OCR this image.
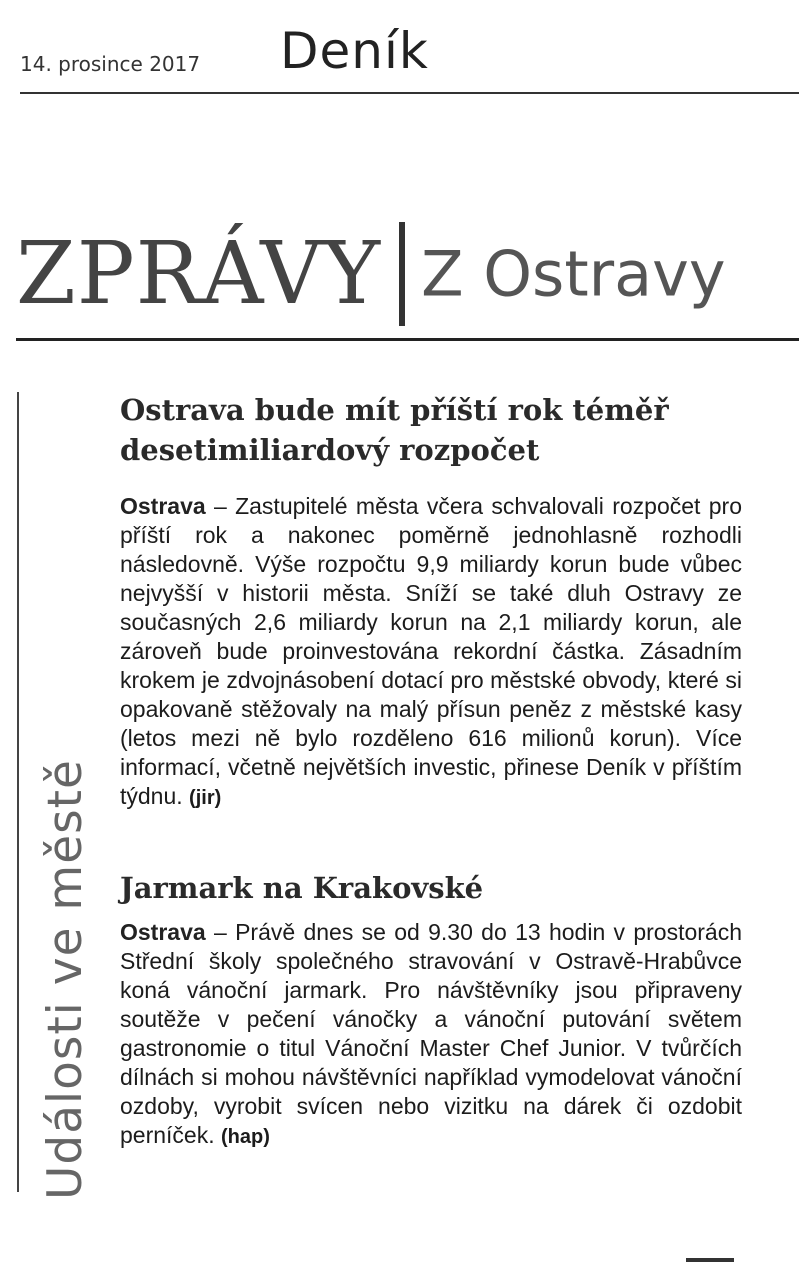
14. prosince 2017 Deník
ZPRÁVY Z Ostravy
Události ve městě
Ostrava bude mít příští rok téměř desetimiliardový rozpočet

Ostrava – Zastupitelé města včera schvalovali rozpočet pro příští rok a nakonec poměrně jednohlasně rozhodli následovně. Výše rozpočtu 9,9 miliardy korun bude vůbec nejvyšší v historii města. Sníží se také dluh Ostravy ze současných 2,6 miliardy korun na 2,1 miliardy korun, ale zároveň bude proinvestována rekordní částka. Zásadním krokem je zdvojnásobení dotací pro městské obvody, které si opakovaně stěžovaly na malý přísun peněz z městské kasy (letos mezi ně bylo rozděleno 616 milionů korun). Více informací, včetně největších investic, přinese Deník v příštím týdnu. (jir)

Jarmark na Krakovské

Ostrava – Právě dnes se od 9.30 do 13 hodin v prostorách Střední školy společného stravování v Ostravě-Hrabůvce koná vánoční jarmark. Pro návštěvníky jsou připraveny soutěže v pečení vánočky a vánoční putování světem gastronomie o titul Vánoční Master Chef Junior. V tvůrčích dílnách si mohou návštěvníci například vymodelovat vánoční ozdoby, vyrobit svícen nebo vizitku na dárek či ozdobit perníček. (hap)
